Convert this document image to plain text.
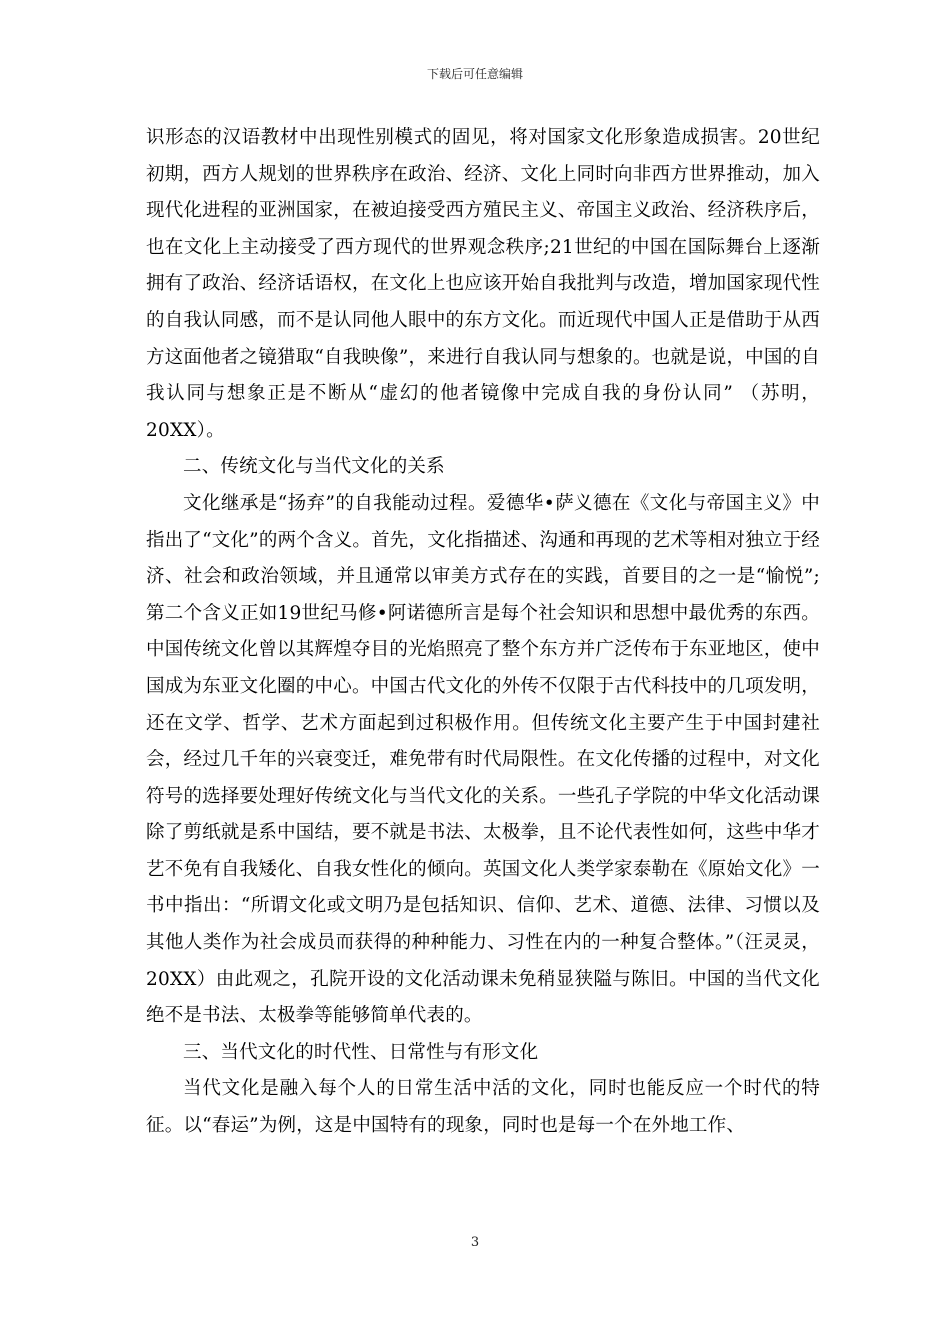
下载后可任意编辑

识形态的汉语教材中出现性别模式的固见，将对国家文化形象造成损害。20世纪初期，西方人规划的世界秩序在政治、经济、文化上同时向非西方世界推动，加入现代化进程的亚洲国家，在被迫接受西方殖民主义、帝国主义政治、经济秩序后，也在文化上主动接受了西方现代的世界观念秩序;21世纪的中国在国际舞台上逐渐拥有了政治、经济话语权，在文化上也应该开始自我批判与改造，增加国家现代性的自我认同感，而不是认同他人眼中的东方文化。而近现代中国人正是借助于从西方这面他者之镜猎取“自我映像”，来进行自我认同与想象的。也就是说，中国的自我认同与想象正是不断从“虚幻的他者镜像中完成自我的身份认同” （苏明，20XX）。

二、传统文化与当代文化的关系

文化继承是“扬弃”的自我能动过程。爱德华•萨义德在《文化与帝国主义》中指出了“文化”的两个含义。首先，文化指描述、沟通和再现的艺术等相对独立于经济、社会和政治领域，并且通常以审美方式存在的实践，首要目的之一是“愉悦”;第二个含义正如19世纪马修•阿诺德所言是每个社会知识和思想中最优秀的东西。中国传统文化曾以其辉煌夺目的光焰照亮了整个东方并广泛传布于东亚地区，使中国成为东亚文化圈的中心。中国古代文化的外传不仅限于古代科技中的几项发明，还在文学、哲学、艺术方面起到过积极作用。但传统文化主要产生于中国封建社会，经过几千年的兴衰变迁，难免带有时代局限性。在文化传播的过程中，对文化符号的选择要处理好传统文化与当代文化的关系。一些孔子学院的中华文化活动课除了剪纸就是系中国结，要不就是书法、太极拳，且不论代表性如何，这些中华才艺不免有自我矮化、自我女性化的倾向。英国文化人类学家泰勒在《原始文化》一书中指出：“所谓文化或文明乃是包括知识、信仰、艺术、道德、法律、习惯以及其他人类作为社会成员而获得的种种能力、习性在内的一种复合整体。”（汪灵灵，20XX）由此观之，孔院开设的文化活动课未免稍显狭隘与陈旧。中国的当代文化绝不是书法、太极拳等能够简单代表的。

三、当代文化的时代性、日常性与有形文化

当代文化是融入每个人的日常生活中活的文化，同时也能反应一个时代的特征。以“春运”为例，这是中国特有的现象，同时也是每一个在外地工作、

3
